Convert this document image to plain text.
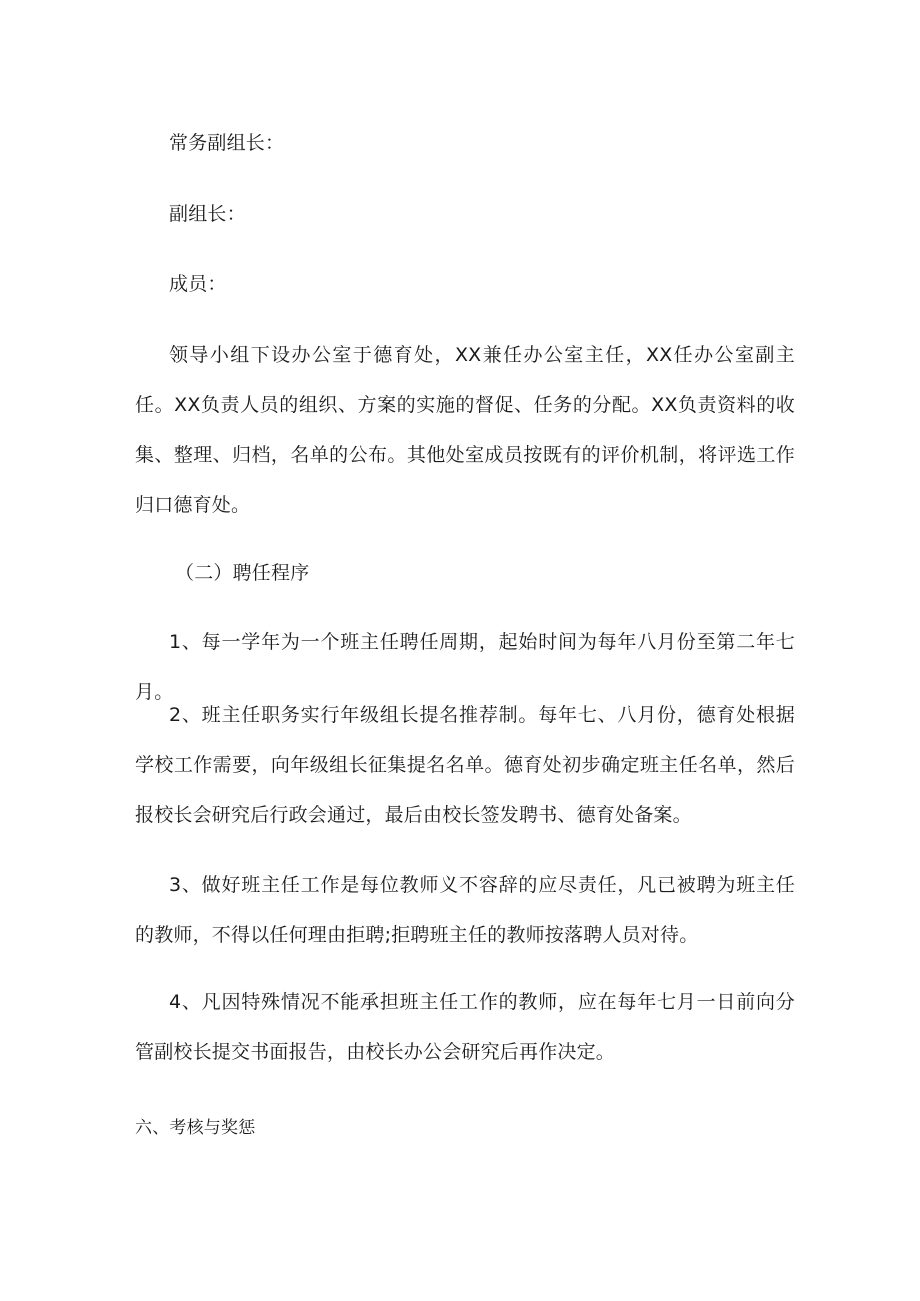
常务副组长：

副组长：

成员：

领导小组下设办公室于德育处，XX兼任办公室主任，XX任办公室副主任。XX负责人员的组织、方案的实施的督促、任务的分配。XX负责资料的收集、整理、归档，名单的公布。其他处室成员按既有的评价机制，将评选工作归口德育处。

（二）聘任程序

1、每一学年为一个班主任聘任周期，起始时间为每年八月份至第二年七月。

2、班主任职务实行年级组长提名推荐制。每年七、八月份，德育处根据学校工作需要，向年级组长征集提名名单。德育处初步确定班主任名单，然后报校长会研究后行政会通过，最后由校长签发聘书、德育处备案。

3、做好班主任工作是每位教师义不容辞的应尽责任，凡已被聘为班主任的教师，不得以任何理由拒聘;拒聘班主任的教师按落聘人员对待。

4、凡因特殊情况不能承担班主任工作的教师，应在每年七月一日前向分管副校长提交书面报告，由校长办公会研究后再作决定。

六、考核与奖惩
